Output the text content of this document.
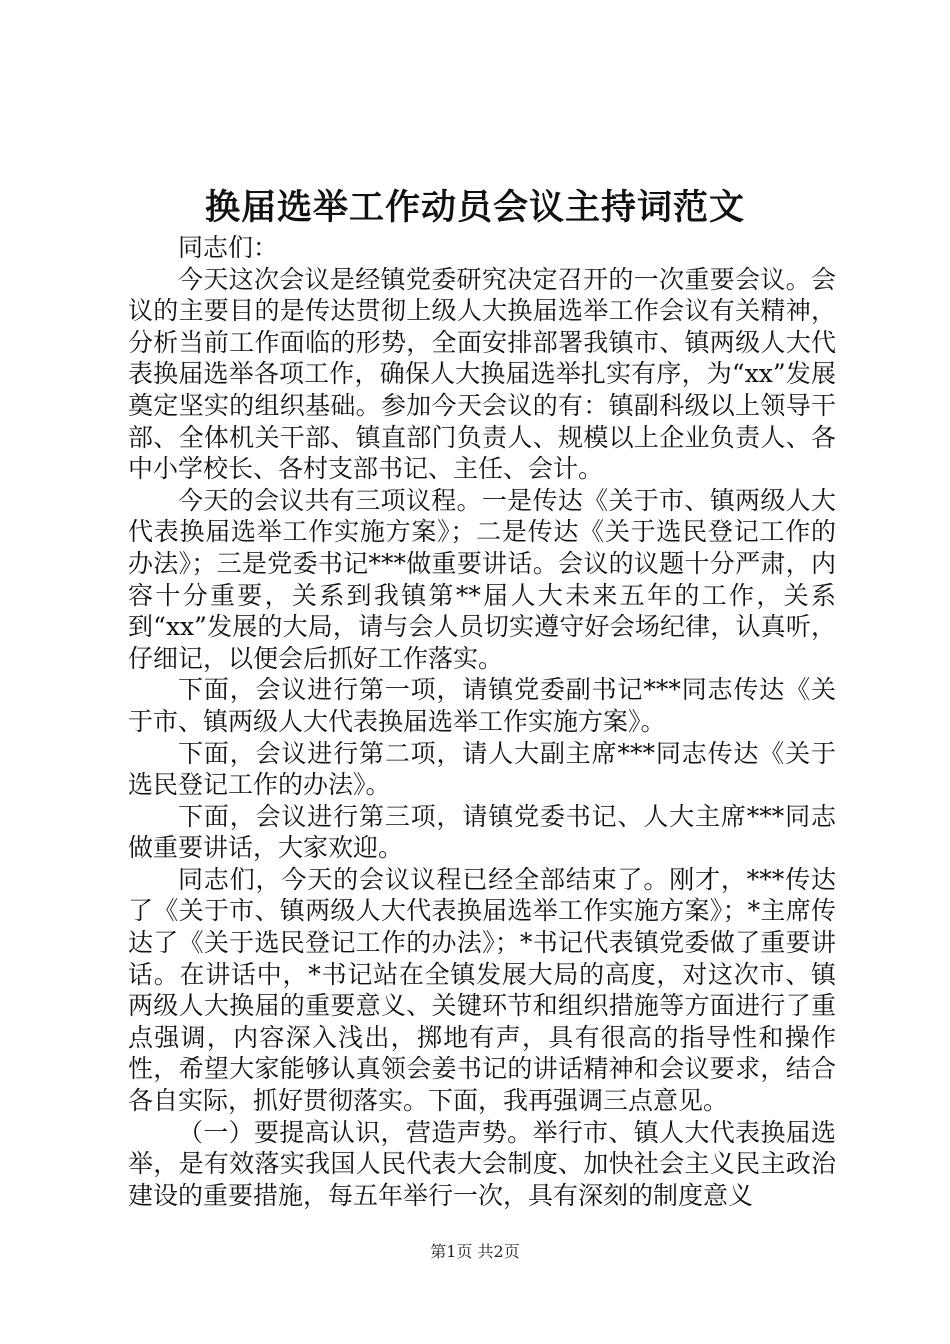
换届选举工作动员会议主持词范文

同志们：

今天这次会议是经镇党委研究决定召开的一次重要会议。会议的主要目的是传达贯彻上级人大换届选举工作会议有关精神，分析当前工作面临的形势，全面安排部署我镇市、镇两级人大代表换届选举各项工作，确保人大换届选举扎实有序，为“xx”发展奠定坚实的组织基础。参加今天会议的有：镇副科级以上领导干部、全体机关干部、镇直部门负责人、规模以上企业负责人、各中小学校长、各村支部书记、主任、会计。

今天的会议共有三项议程。一是传达《关于市、镇两级人大代表换届选举工作实施方案》；二是传达《关于选民登记工作的办法》；三是党委书记***做重要讲话。会议的议题十分严肃，内容十分重要，关系到我镇第**届人大未来五年的工作，关系到“xx”发展的大局，请与会人员切实遵守好会场纪律，认真听，仔细记，以便会后抓好工作落实。

下面，会议进行第一项，请镇党委副书记***同志传达《关于市、镇两级人大代表换届选举工作实施方案》。

下面，会议进行第二项，请人大副主席***同志传达《关于选民登记工作的办法》。

下面，会议进行第三项，请镇党委书记、人大主席***同志做重要讲话，大家欢迎。

同志们，今天的会议议程已经全部结束了。刚才，***传达了《关于市、镇两级人大代表换届选举工作实施方案》；*主席传达了《关于选民登记工作的办法》；*书记代表镇党委做了重要讲话。在讲话中，*书记站在全镇发展大局的高度，对这次市、镇两级人大换届的重要意义、关键环节和组织措施等方面进行了重点强调，内容深入浅出，掷地有声，具有很高的指导性和操作性，希望大家能够认真领会姜书记的讲话精神和会议要求，结合各自实际，抓好贯彻落实。下面，我再强调三点意见。

（一）要提高认识，营造声势。举行市、镇人大代表换届选举，是有效落实我国人民代表大会制度、加快社会主义民主政治建设的重要措施，每五年举行一次，具有深刻的制度意义

第1页 共2页
